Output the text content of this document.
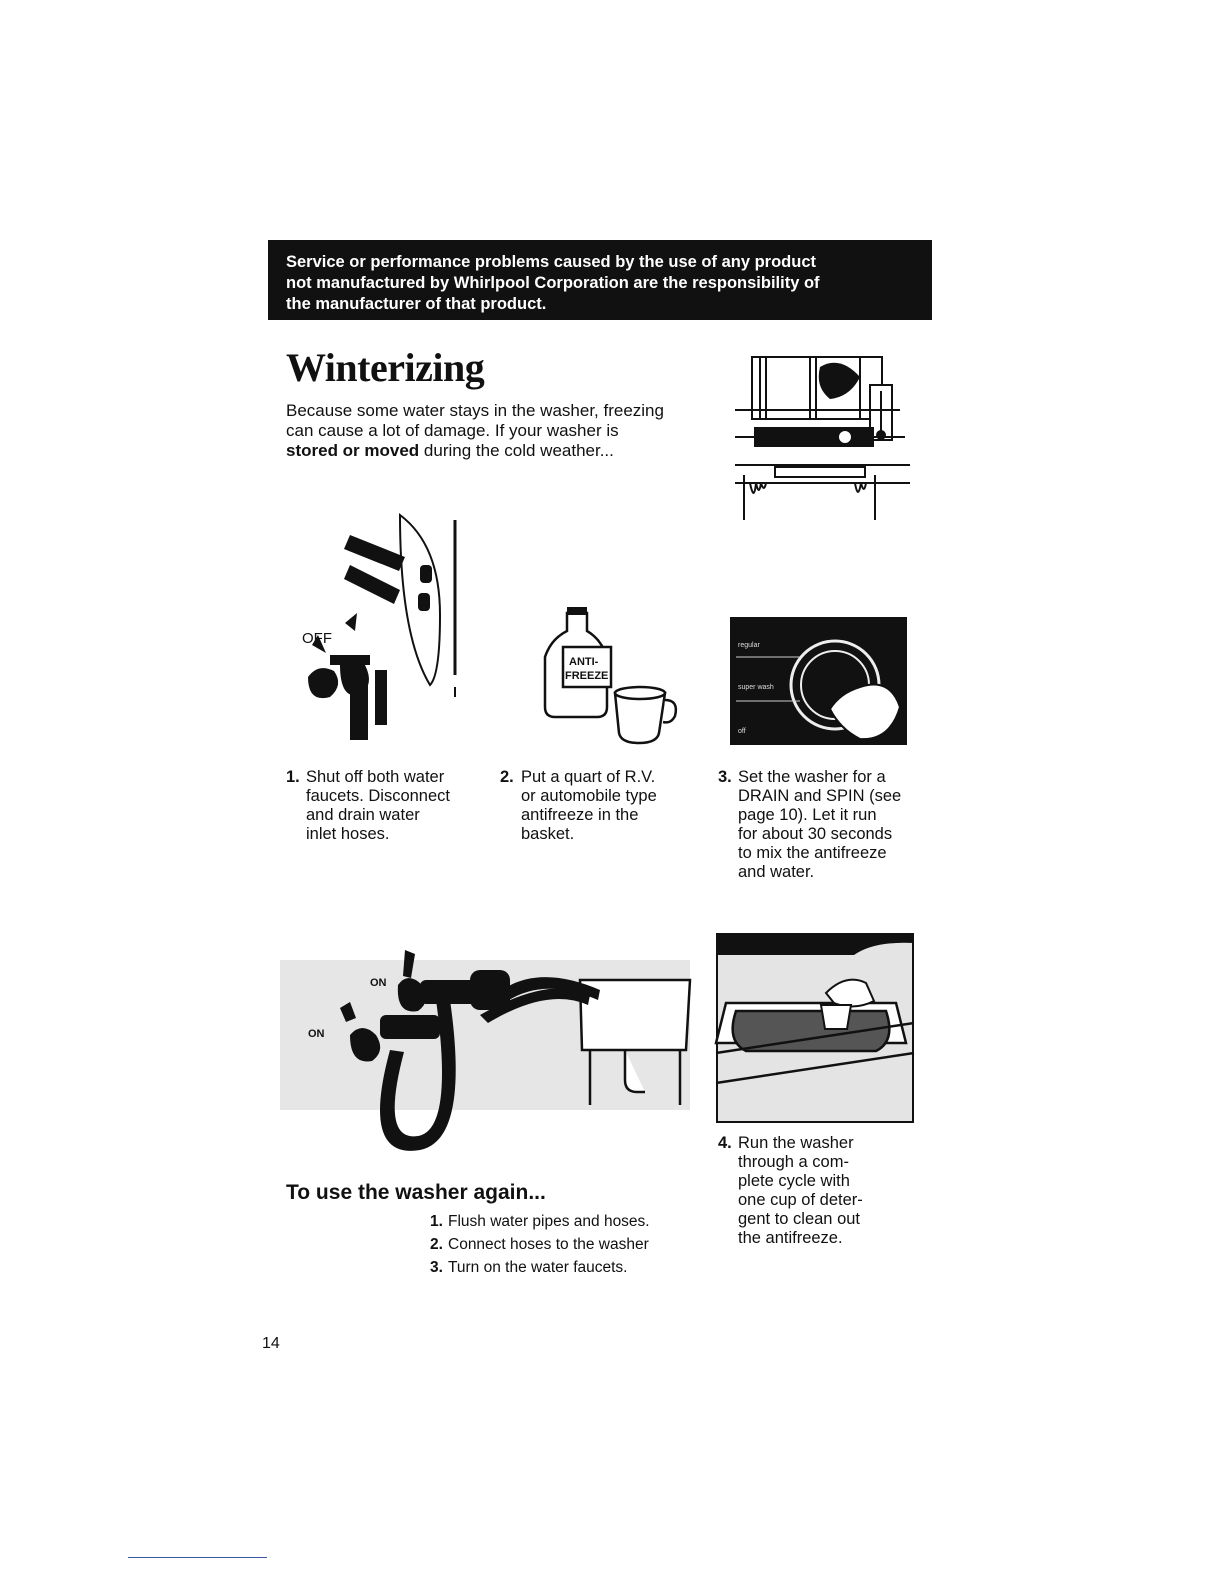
Service or performance problems caused by the use of any product
not manufactured by Whirlpool Corporation are the responsibility of
the manufacturer of that product.
Winterizing
Because some water stays in the washer, freezing
can cause a lot of damage. If your washer is
stored or moved during the cold weather...
OFF
ANTI-
FREEZE
regular
super wash
off
1. Shut off both water
faucets. Disconnect
and drain water
inlet hoses.
2. Put a quart of R.V.
or automobile type
antifreeze in the
basket.
3. Set the washer for a
DRAIN and SPIN (see
page 10). Let it run
for about 30 seconds
to mix the antifreeze
and water.
ON
ON
4. Run the washer
through a com-
plete cycle with
one cup of deter-
gent to clean out
the antifreeze.
To use the washer again...
1. Flush water pipes and hoses.
2. Connect hoses to the washer
3. Turn on the water faucets.
14
